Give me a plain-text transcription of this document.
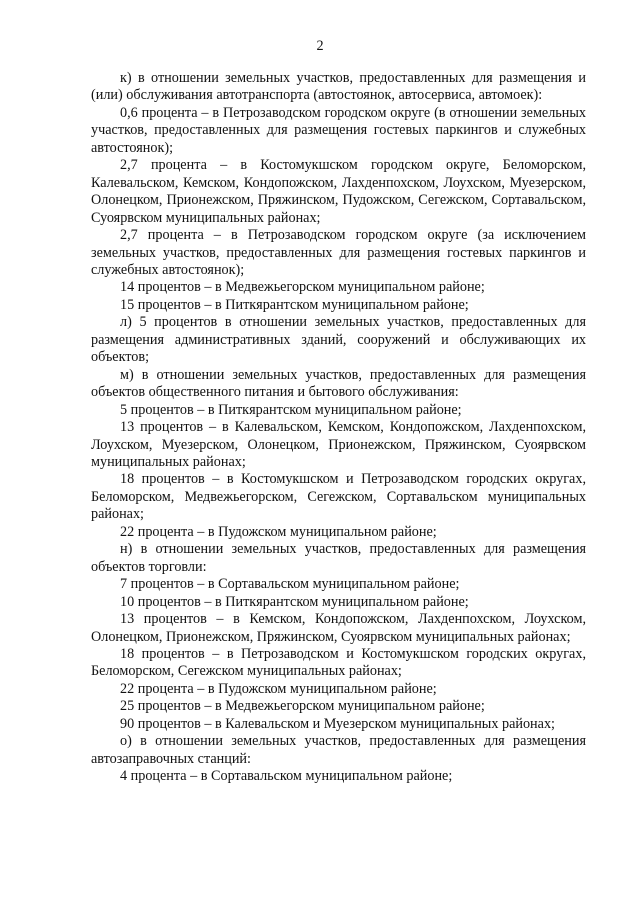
2

к) в отношении земельных участков, предоставленных для размещения и (или) обслуживания автотранспорта (автостоянок, автосервиса, автомоек):

0,6 процента – в Петрозаводском городском округе (в отношении земельных участков, предоставленных для размещения гостевых паркингов и служебных автостоянок);

2,7 процента – в Костомукшском городском округе, Беломорском, Калевальском, Кемском, Кондопожском, Лахденпохском, Лоухском, Муезерском, Олонецком, Прионежском, Пряжинском, Пудожском, Сегежском, Сортавальском, Суоярвском муниципальных районах;

2,7 процента – в Петрозаводском городском округе (за исключением земельных участков, предоставленных для размещения гостевых паркингов и служебных автостоянок);

14 процентов – в Медвежьегорском муниципальном районе;

15 процентов – в Питкярантском муниципальном районе;

л) 5 процентов в отношении земельных участков, предоставленных для размещения административных зданий, сооружений и обслуживающих их объектов;

м) в отношении земельных участков, предоставленных для размещения объектов общественного питания и бытового обслуживания:

5 процентов – в Питкярантском муниципальном районе;

13 процентов – в Калевальском, Кемском, Кондопожском, Лахденпохском, Лоухском, Муезерском, Олонецком, Прионежском, Пряжинском, Суоярвском муниципальных районах;

18 процентов – в Костомукшском и Петрозаводском городских округах, Беломорском, Медвежьегорском, Сегежском, Сортавальском муниципальных районах;

22 процента – в Пудожском муниципальном районе;

н) в отношении земельных участков, предоставленных для размещения объектов торговли:

7 процентов – в Сортавальском муниципальном районе;

10 процентов – в Питкярантском муниципальном районе;

13 процентов – в Кемском, Кондопожском, Лахденпохском, Лоухском, Олонецком, Прионежском, Пряжинском, Суоярвском муниципальных районах;

18 процентов – в Петрозаводском и Костомукшском городских округах, Беломорском, Сегежском муниципальных районах;

22 процента – в Пудожском муниципальном районе;

25 процентов – в Медвежьегорском муниципальном районе;

90 процентов – в Калевальском и Муезерском муниципальных районах;

о) в отношении земельных участков, предоставленных для размещения автозаправочных станций:

4 процента – в Сортавальском муниципальном районе;
